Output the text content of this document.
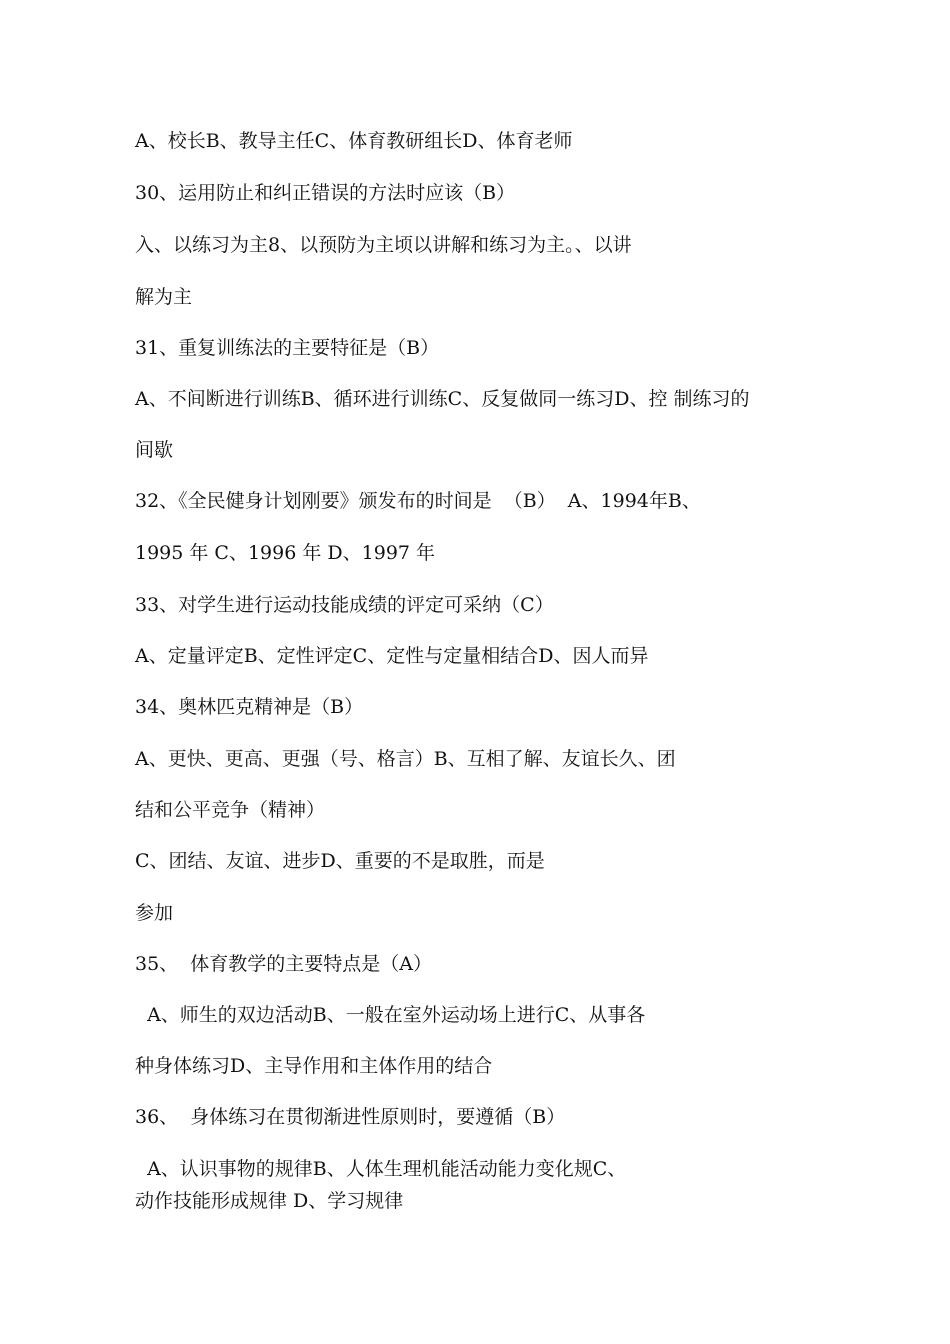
A、校长B、教导主任C、体育教研组长D、体育老师
30、运用防止和纠正错误的方法时应该（B）
入、以练习为主8、以预防为主顷以讲解和练习为主。、以讲
解为主
31、重复训练法的主要特征是（B）
A、不间断进行训练B、循环进行训练C、反复做同一练习D、控 制练习的
间歇
32、《全民健身计划刚要》颁发布的时间是  （B）  A、1994年B、
1995 年 C、1996 年 D、1997 年
33、对学生进行运动技能成绩的评定可采纳（C）
A、定量评定B、定性评定C、定性与定量相结合D、因人而异
34、奥林匹克精神是（B）
A、更快、更高、更强（号、格言）B、互相了解、友谊长久、团
结和公平竞争（精神）
C、团结、友谊、进步D、重要的不是取胜，而是
参加
35、  体育教学的主要特点是（A）
A、师生的双边活动B、一般在室外运动场上进行C、从事各
种身体练习D、主导作用和主体作用的结合
36、  身体练习在贯彻渐进性原则时，要遵循（B）
A、认识事物的规律B、人体生理机能活动能力变化规C、
动作技能形成规律 D、学习规律
